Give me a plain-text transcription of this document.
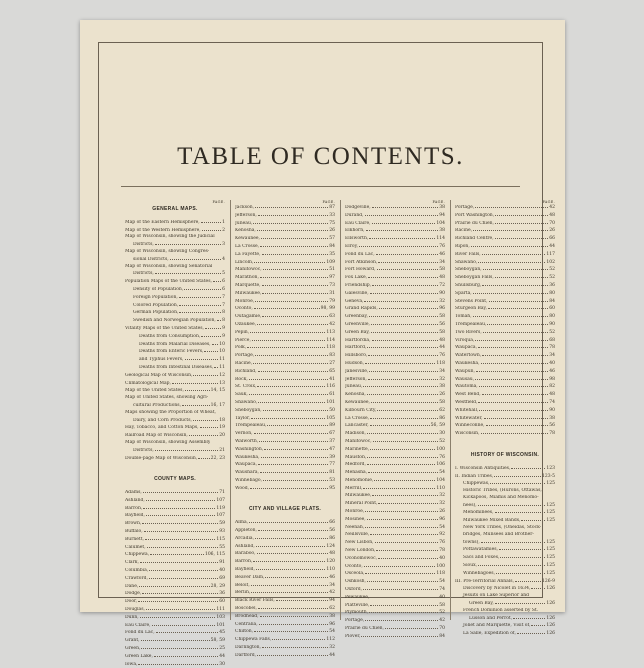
TABLE OF CONTENTS.
PAGE.
GENERAL MAPS.
Map of the Eastern Hemisphere,	1
Map of the Western Hemisphere,	2
Map of Wisconsin, showing the Judicial
Districts,	3
Map of Wisconsin, showing Congres-
sional Districts,	4
Map of Wisconsin, showing Senatorial
Districts,	5
Population Maps of the United States, 6
Density of Population,	6
Foreign Population,	7
Colored Population,	7
German Population,	8
Swedish and Norwegian Population, 8
Vitality Maps of the United States,	9
Deaths from Consumption,	9
Deaths from Malarial Diseases, 10
Deaths from Enteric Fevers,	10
and Typhus Fevers,	11
Deaths from Intestinal Diseases, 11
Geological Map of Wisconsin,	12
Climatological Map,	13
Map of the United States,	14, 15
Map of United States, showing Agri-
cultural Productions,	16, 17
Maps showing the Proportion of Wheat,
Dairy, and Corn Products,	18
Hay, Tobacco, and Cotton Maps,	19
Railroad Map of Wisconsin,	20
Map of Wisconsin, showing Assembly
Districts,	21
Double-page Map of Wisconsin,	22, 23
COUNTY MAPS.
Adams,	71
Ashland,	107
Barron,	119
Bayfield,	107
Brown,	59
Buffalo,	93
Burnett,	115
Calumet,	55
Chippewa,	106, 115
Clark,	91
Columbia,	40
Crawford,	69
Dane,	28, 29
Dodge,	36
Door,	60
Douglas,	111
Dunn,	103
Eau Claire,	101
Fond du Lac,	45
Grant,	58, 59
Green,	25
Green Lake,	44
Iowa,	30
PAGE.
Jackson,	87
Jefferson,	33
Juneau,	75
Kenosha,	26
Kewaunee,	57
La Crosse,	84
La Fayette,	35
Lincoln,	109
Manitowoc,	51
Marathon,	97
Marquette,	73
Milwaukee,	31
Monroe,	79
Oconto,	98, 99
Outagamie,	63
Ozaukee,	42
Pepin,	113
Pierce,	114
Polk,	118
Portage,	83
Racine,	27
Richland,	65
Rock,	41
St. Croix,	116
Sauk,	61
Shawano,	101
Sheboygan,	50
Taylor,	105
Trempealeau,	89
Vernon,	67
Walworth,	37
Washington,	47
Waukesha,	39
Waupaca,	77
Waushara,	81
Winnebago,	53
Wood,	95
CITY AND VILLAGE PLATS.
Alma,	66
Appleton,	56
Arcadia,	86
Ashland,	124
Baraboo,	48
Barron,	120
Bayfield,	110
Beaver Dam,	46
Beloit,	34
Berlin,	42
Black River Falls,	94
Boscobel,	62
Brodhead,	38
Centralia,	96
Chilton,	54
Chippewa Falls,	112
Darlington,	32
Dartford,	44
PAGE.
Dodgeville,	38
Durand,	94
Eau Claire,	104
Elkhorn,	38
Ellsworth,	114
Elroy,	76
Fond du Lac,	46
Fort Atkinson,	34
Fort Howard,	58
Fox Lake,	48
Friendship,	72
Galesville,	90
Geneva,	32
Grand Rapids,	96
Greenbay,	58
Greenville,	56
Green Bay,	58
Hartfordia,	48
Hartford,	44
Hillsboro,	76
Hudson,	118
Janesville,	34
Jefferson,	32
Juneau,	38
Kenosha,	26
Kewaunee,	58
Kilbourn City,	62
La Crosse,	86
Lancaster,	56, 59
Madison,	30
Manitowoc,	52
Marinette,	100
Mauston,	76
Medford,	106
Menasha,	54
Menomonie,	104
Merrill,	110
Milwaukee,	32
Mineral Point,	32
Monroe,	26
Mosinee,	96
Neenah,	54
Neillsville,	92
New Lisbon,	76
New London,	78
Oconomowoc,	40
Oconto,	100
Osceola,	118
Oshkosh,	54
Oxford,	74
Pewaukee,	40
Platteville,	58
Plymouth,	52
Portage,	42
Prairie du Chien,	70
Plover,	84
PAGE.
Portage,	42
Port Washington,	48
Prairie du Chien,	70
Racine,	26
Richland Centre,	66
Ripon,	44
River Falls,	117
Shawano,	102
Sheboygan,	52
Sheboygan Falls,	52
Shullsburg,	36
Sparta,	80
Stevens Point,	84
Sturgeon Bay,	60
Tomah,	80
Trempealeau,	90
Two Rivers,	52
Viroqua,	68
Waupaca,	78
Watertown,	34
Waukesha,	40
Waupun,	46
Wausau,	98
Wautoma,	82
West Bend,	48
Westfield,	74
Whitehall,	90
Whitewater,	38
Winneconne,	56
Wisconsin,	78
HISTORY OF WISCONSIN.
I. Wisconsin Antiquities,	123
II. Indian Tribes,	123-5
Chippewas,	125
Historic Tribes, (Hurons, Ottawas,
Kickapoos, Miamis and Menomo-
nees),	125
Menominees,	125
Milwaukee Mixed Bands,	125
New York Tribes, (Oneidas, Stock-
bridges, Munsees and Brother-
towns),	125
Pottawatamies,	125
Sacs and Foxes,	125
Sioux,	125
Winnebagoes,	125
III. Pre-Territorial Annals,	126-9
Discovery by Nicolet in 1634,	126
Jesuits on Lake Superior and
Green Bay,	126
French Dominion asserted by St.
Lusson and Perrot,	126
Joliet and Marquette, Visit of,	126
La Salle, Expedition of,	126
